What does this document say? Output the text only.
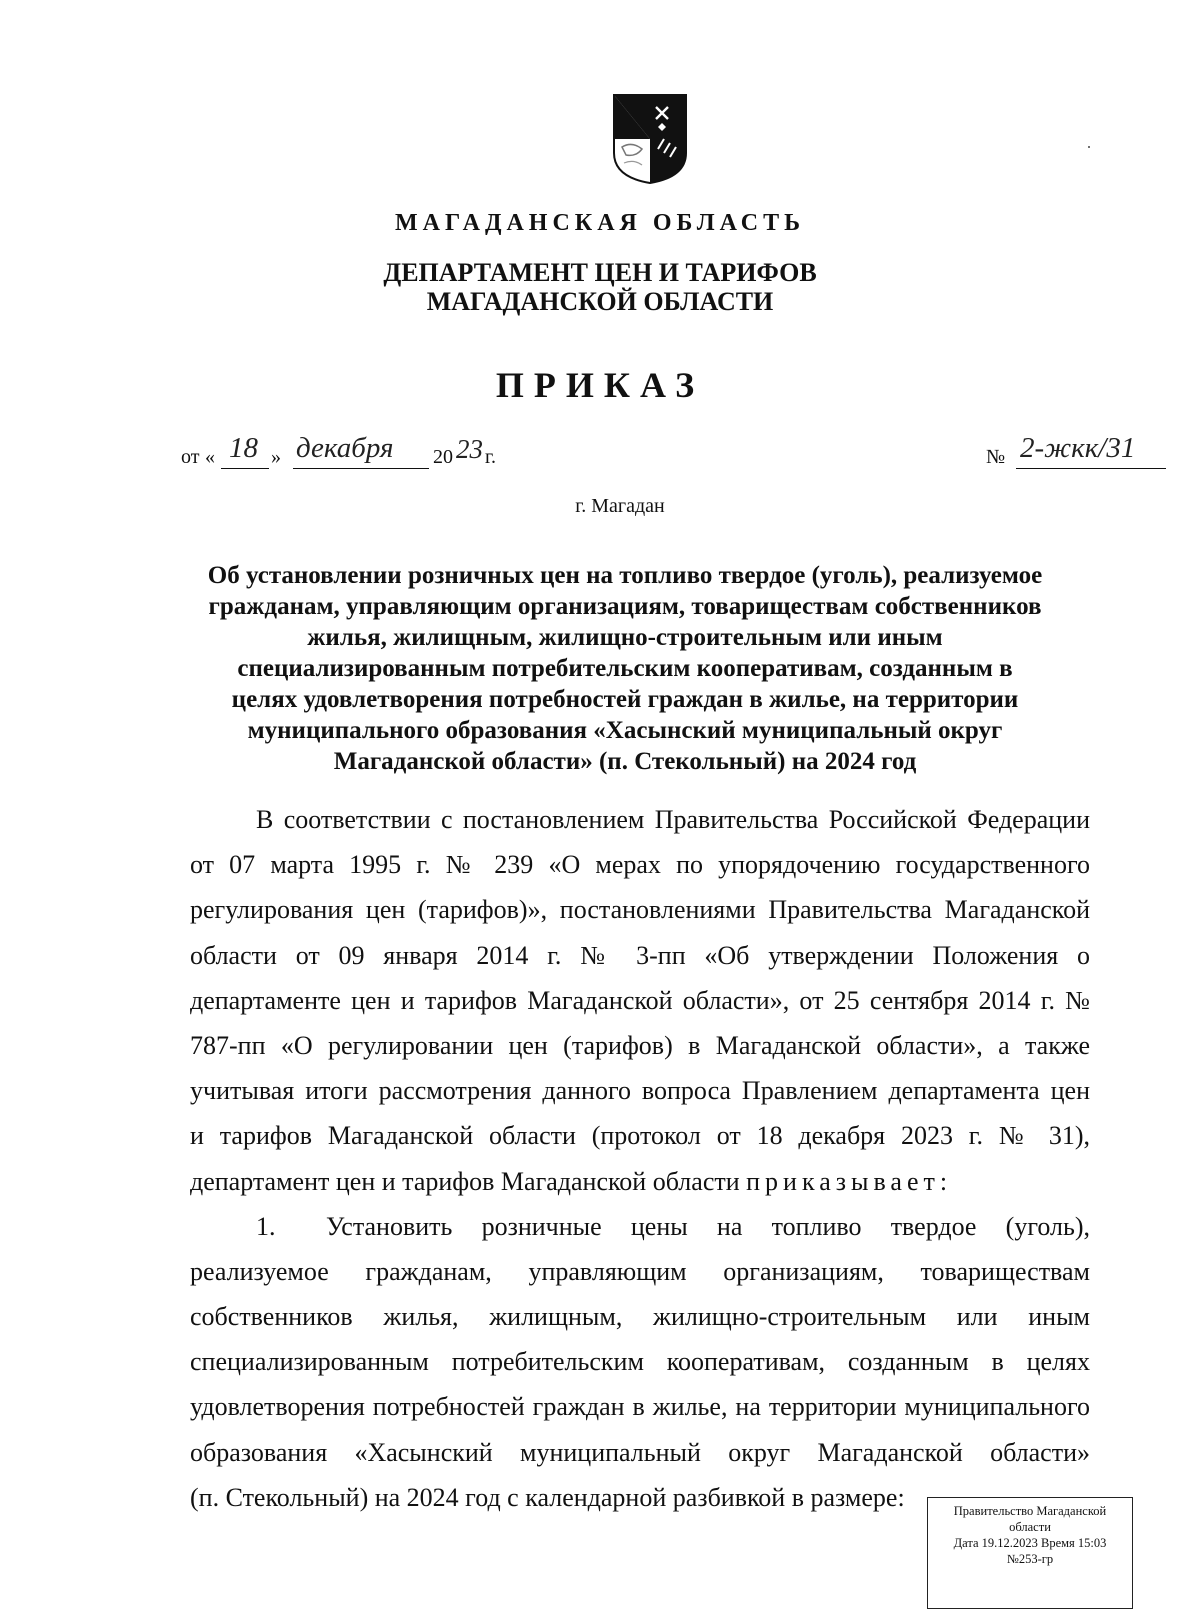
МАГАДАНСКАЯ ОБЛАСТЬ
ДЕПАРТАМЕНТ ЦЕН И ТАРИФОВ
МАГАДАНСКОЙ ОБЛАСТИ
ПРИКАЗ
от « 18 » декабря 20 23 г.	№ 2-жкк/31
г. Магадан
Об установлении розничных цен на топливо твердое (уголь), реализуемое
гражданам, управляющим организациям, товариществам собственников
жилья, жилищным, жилищно-строительным или иным
специализированным потребительским кооперативам, созданным в
целях удовлетворения потребностей граждан в жилье, на территории
муниципального образования «Хасынский муниципальный округ
Магаданской области» (п. Стекольный) на 2024 год
В соответствии с постановлением Правительства Российской Федерации
от 07 марта 1995 г. № 239 «О мерах по упорядочению государственного
регулирования цен (тарифов)», постановлениями Правительства Магаданской
области от 09 января 2014 г. № 3-пп «Об утверждении Положения о
департаменте цен и тарифов Магаданской области», от 25 сентября 2014 г. №
787-пп «О регулировании цен (тарифов) в Магаданской области», а также
учитывая итоги рассмотрения данного вопроса Правлением департамента цен
и тарифов Магаданской области (протокол от 18 декабря 2023 г. № 31),
департамент цен и тарифов Магаданской области приказывает:
1. Установить розничные цены на топливо твердое (уголь),
реализуемое гражданам, управляющим организациям, товариществам
собственников жилья, жилищным, жилищно-строительным или иным
специализированным потребительским кооперативам, созданным в целях
удовлетворения потребностей граждан в жилье, на территории муниципального
образования «Хасынский муниципальный округ Магаданской области»
(п. Стекольный) на 2024 год с календарной разбивкой в размере:	Правительство Магаданской
области
Дата 19.12.2023 Время 15:03
№253-гр
